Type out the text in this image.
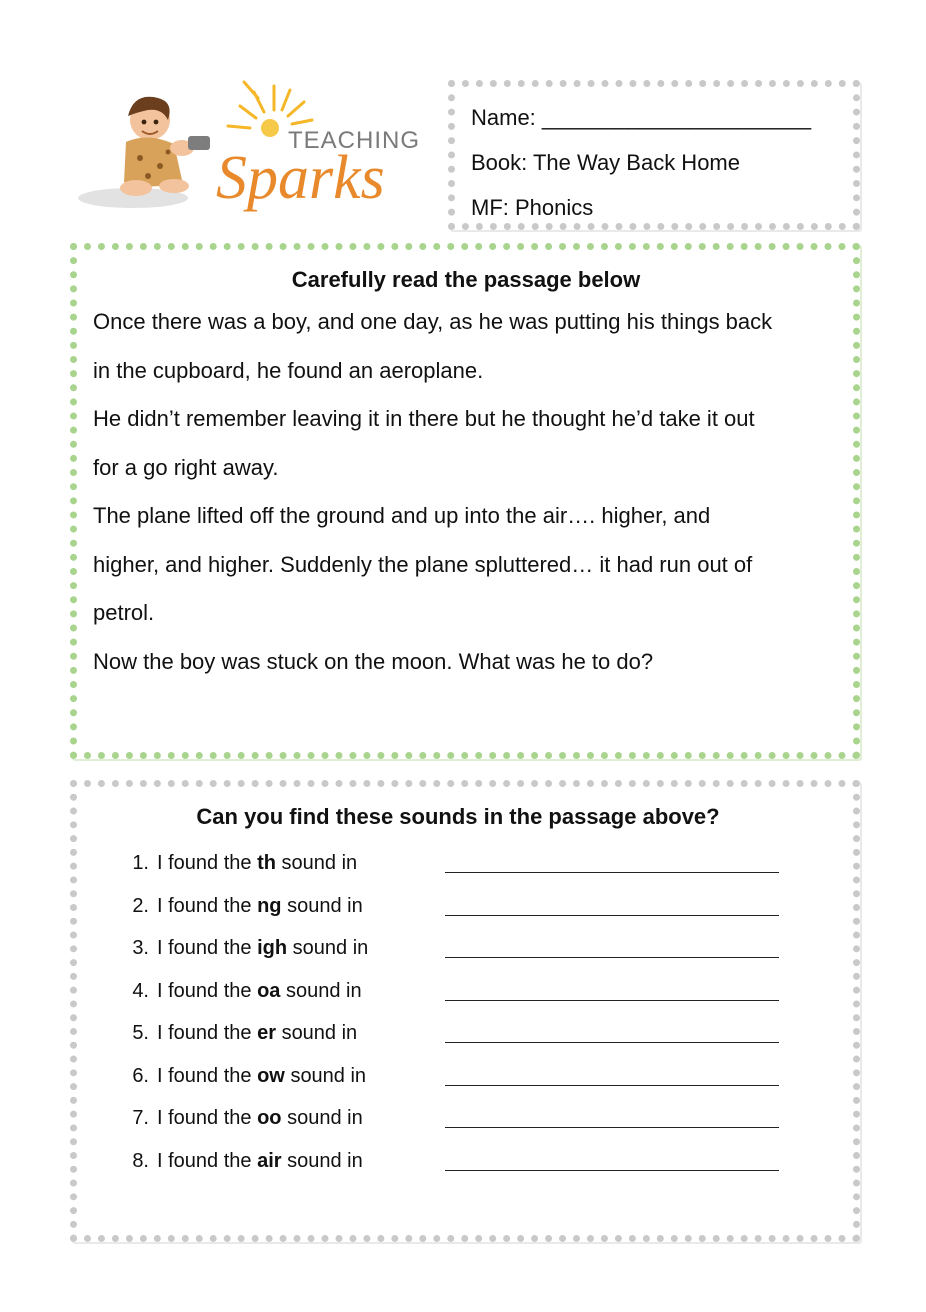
TEACHING
Sparks
Name: ______________________
Book: The Way Back Home
MF: Phonics
Carefully read the passage below

Once there was a boy, and one day, as he was putting his things back

in the cupboard, he found an aeroplane.

He didn’t remember leaving it in there but he thought he’d take it out

for a go right away.

The plane lifted off the ground and up into the air…. higher, and

higher, and higher. Suddenly the plane spluttered… it had run out of

petrol.

Now the boy was stuck on the moon. What was he to do?

Can you find these sounds in the passage above?
1. I found the th sound in
2. I found the ng sound in
3. I found the igh sound in
4. I found the oa sound in
5. I found the er sound in
6. I found the ow sound in
7. I found the oo sound in
8. I found the air sound in
